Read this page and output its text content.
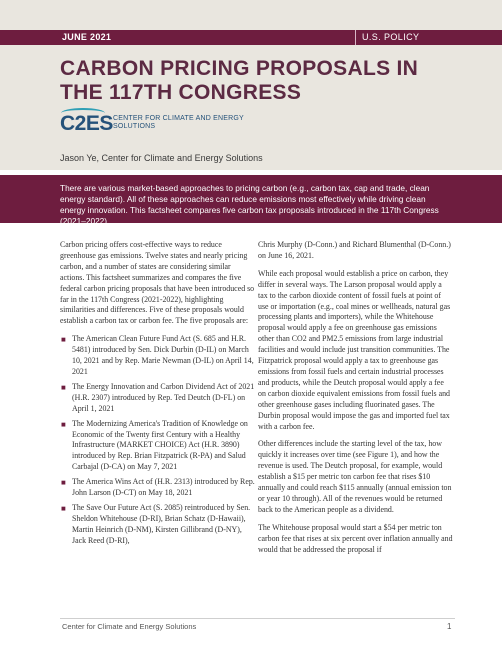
JUNE 2021	U.S. POLICY
CARBON PRICING PROPOSALS IN THE 117TH CONGRESS
C2ES CENTER FOR CLIMATE AND ENERGY SOLUTIONS
Jason Ye, Center for Climate and Energy Solutions

There are various market-based approaches to pricing carbon (e.g., carbon tax, cap and trade, clean energy standard). All of these approaches can reduce emissions most effectively while driving clean energy innovation. This factsheet compares five carbon tax proposals introduced in the 117th Congress (2021–2022).

Carbon pricing offers cost-effective ways to reduce greenhouse gas emissions. Twelve states and nearly pricing carbon, and a number of states are considering similar actions. This factsheet summarizes and compares the five federal carbon pricing proposals that have been introduced so far in the 117th Congress (2021-2022), highlighting similarities and differences. Five of these proposals would establish a carbon tax or carbon fee. The five proposals are:

■ The American Clean Future Fund Act (S. 685 and H.R. 5481) introduced by Sen. Dick Durbin (D-IL) on March 10, 2021 and by Rep. Marie Newman (D-IL) on April 14, 2021
■ The Energy Innovation and Carbon Dividend Act of 2021 (H.R. 2307) introduced by Rep. Ted Deutch (D-FL) on April 1, 2021
■ The Modernizing America's Tradition of Knowledge on Economic of the Twenty first Century with a Healthy Infrastructure (MARKET CHOICE) Act (H.R. 3890) introduced by Rep. Brian Fitzpatrick (R-PA) and Salud Carbajal (D-CA) on May 7, 2021
■ The America Wins Act of (H.R. 2313) introduced by Rep. John Larson (D-CT) on May 18, 2021
■ The Save Our Future Act (S. 2085) reintroduced by Sen. Sheldon Whitehouse (D-RI), Brian Schatz (D-Hawaii), Martin Heinrich (D-NM), Kirsten Gillibrand (D-NY), Jack Reed (D-RI),

Chris Murphy (D-Conn.) and Richard Blumenthal (D-Conn.) on June 16, 2021.

While each proposal would establish a price on carbon, they differ in several ways. The Larson proposal would apply a tax to the carbon dioxide content of fossil fuels at point of use or importation (e.g., coal mines or wellheads, natural gas processing plants and importers), while the Whitehouse proposal would apply a fee on greenhouse gas emissions other than CO2 and PM2.5 emissions from large industrial facilities and would include just transition communities. The Fitzpatrick proposal would apply a tax to greenhouse gas emissions from fossil fuels and certain industrial processes and products, while the Deutch proposal would apply a fee on carbon dioxide equivalent emissions from fossil fuels and other greenhouse gases including fluorinated gases. The Durbin proposal would impose the gas and imported fuel tax with a carbon fee.

Other differences include the starting level of the tax, how quickly it increases over time (see Figure 1), and how the revenue is used. The Deutch proposal, for example, would establish a $15 per metric ton carbon fee that rises $10 annually and could reach $115 annually (annual emission ton or year 10 through). All of the revenues would be returned back to the American people as a dividend.

The Whitehouse proposal would start a $54 per metric ton carbon fee that rises at six percent over inflation annually and would that be addressed the proposal if

Center for Climate and Energy Solutions	1
